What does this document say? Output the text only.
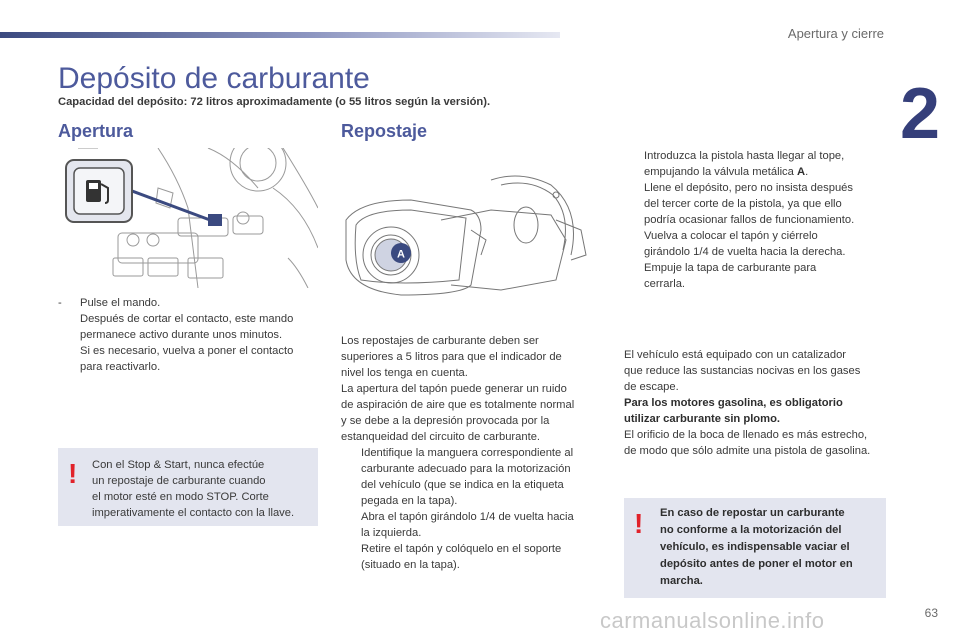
Apertura y cierre
2
Depósito de carburante
Capacidad del depósito: 72 litros aproximadamente (o 55 litros según la versión).
Apertura
- Pulse el mando.

Después de cortar el contacto, este mando

permanece activo durante unos minutos.

Si es necesario, vuelva a poner el contacto

para reactivarlo.

! Con el Stop & Start, nunca efectúe

un repostaje de carburante cuando

el motor esté en modo STOP. Corte

imperativamente el contacto con la llave.

Repostaje
A

Los repostajes de carburante deben ser

superiores a 5 litros para que el indicador de

nivel los tenga en cuenta.

La apertura del tapón puede generar un ruido

de aspiración de aire que es totalmente normal

y se debe a la depresión provocada por la

estanqueidad del circuito de carburante.

Identifique la manguera correspondiente al

carburante adecuado para la motorización

del vehículo (que se indica en la etiqueta

pegada en la tapa).

Abra el tapón girándolo 1/4 de vuelta hacia

la izquierda.

Retire el tapón y colóquelo en el soporte

(situado en la tapa).

Introduzca la pistola hasta llegar al tope,

empujando la válvula metálica A.

Llene el depósito, pero no insista después

del tercer corte de la pistola, ya que ello

podría ocasionar fallos de funcionamiento.

Vuelva a colocar el tapón y ciérrelo

girándolo 1/4 de vuelta hacia la derecha.

Empuje la tapa de carburante para

cerrarla.

El vehículo está equipado con un catalizador

que reduce las sustancias nocivas en los gases

de escape.

Para los motores gasolina, es obligatorio

utilizar carburante sin plomo.

El orificio de la boca de llenado es más estrecho,

de modo que sólo admite una pistola de gasolina.

! En caso de repostar un carburante

no conforme a la motorización del

vehículo, es indispensable vaciar el

depósito antes de poner el motor en

marcha.

carmanualsonline.info	63
